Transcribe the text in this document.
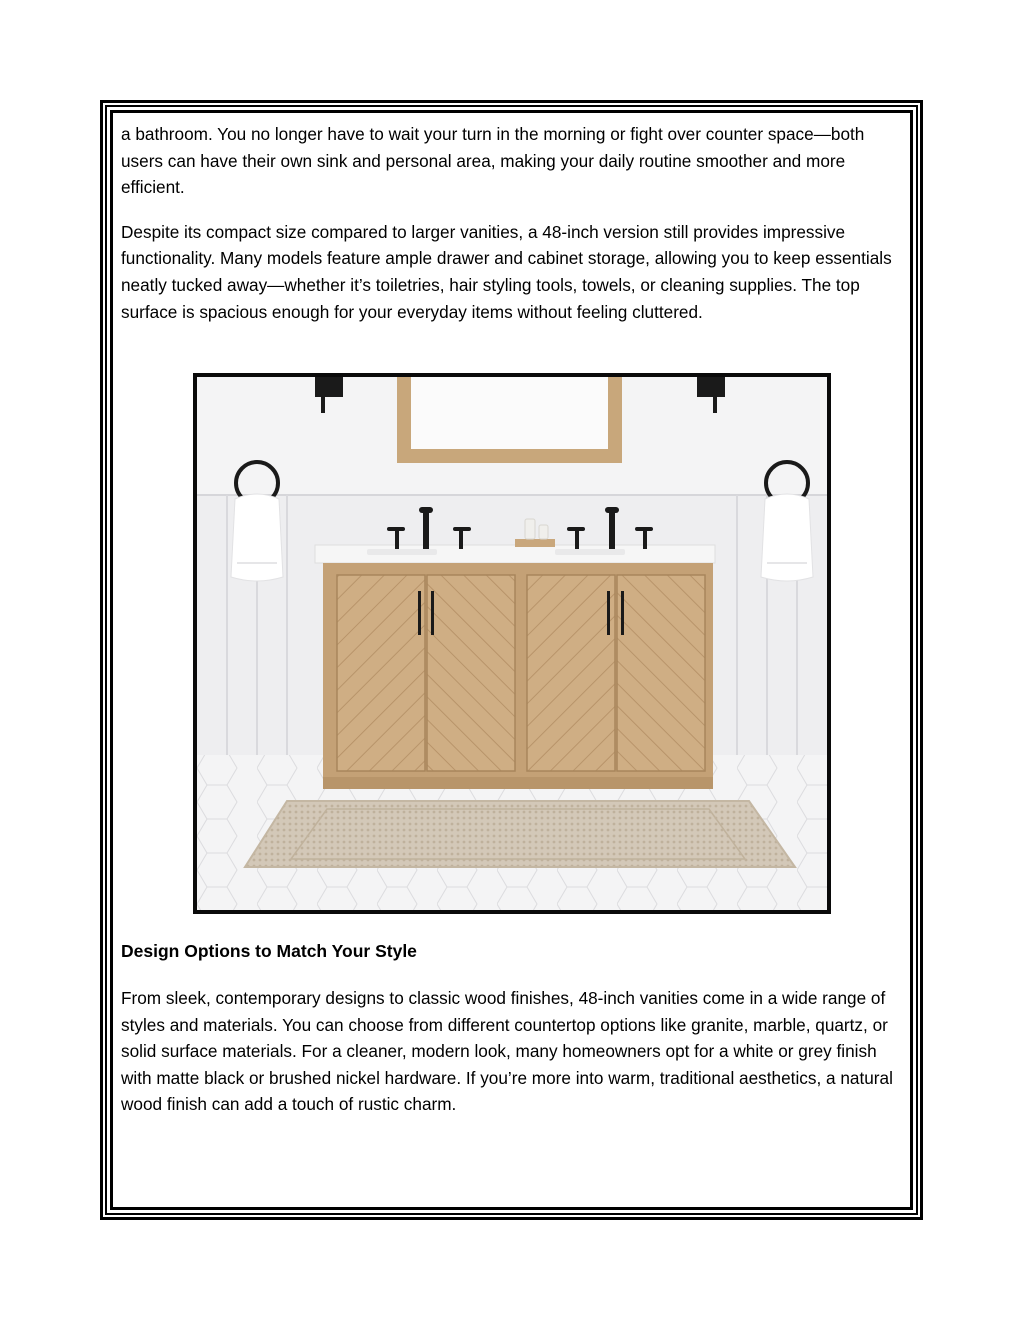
a bathroom. You no longer have to wait your turn in the morning or fight over counter space—both users can have their own sink and personal area, making your daily routine smoother and more efficient.

Despite its compact size compared to larger vanities, a 48-inch version still provides impressive functionality. Many models feature ample drawer and cabinet storage, allowing you to keep essentials neatly tucked away—whether it’s toiletries, hair styling tools, towels, or cleaning supplies. The top surface is spacious enough for your everyday items without feeling cluttered.

Design Options to Match Your Style

From sleek, contemporary designs to classic wood finishes, 48-inch vanities come in a wide range of styles and materials. You can choose from different countertop options like granite, marble, quartz, or solid surface materials. For a cleaner, modern look, many homeowners opt for a white or grey finish with matte black or brushed nickel hardware. If you’re more into warm, traditional aesthetics, a natural wood finish can add a touch of rustic charm.
